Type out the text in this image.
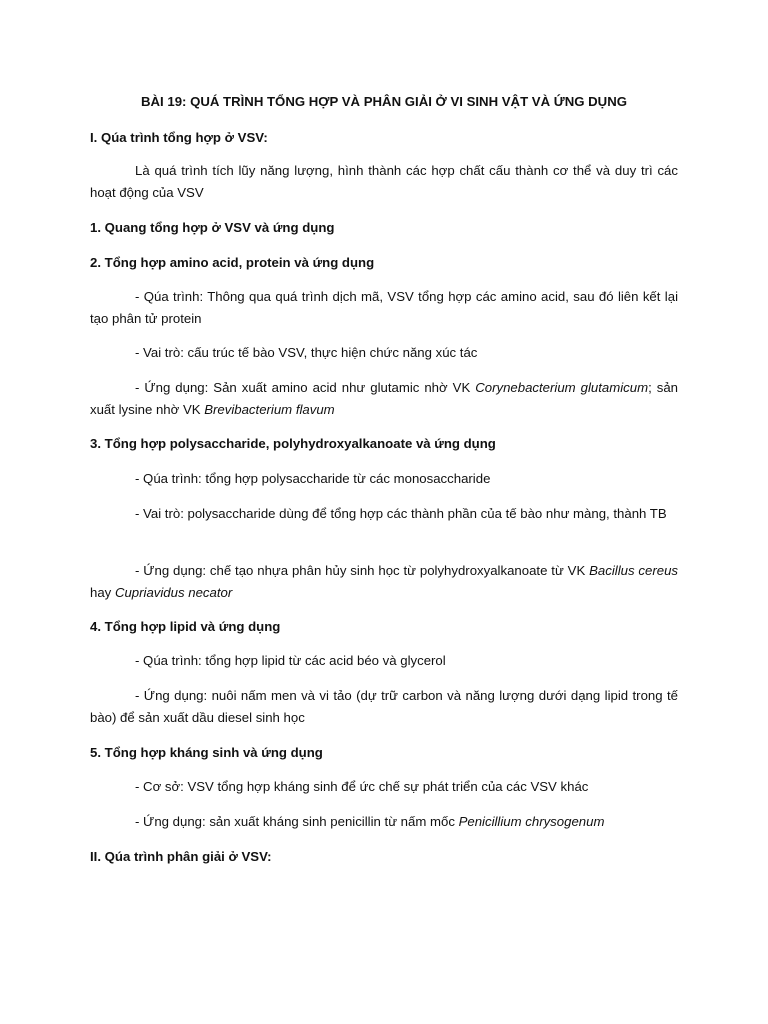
BÀI 19: QUÁ TRÌNH TỔNG HỢP VÀ PHÂN GIẢI Ở VI SINH VẬT VÀ ỨNG DỤNG
I. Qúa trình tổng hợp ở VSV:
Là quá trình tích lũy năng lượng, hình thành các hợp chất cấu thành cơ thể và duy trì các hoạt động của VSV
1. Quang tổng hợp ở VSV và ứng dụng
2. Tổng hợp amino acid, protein và ứng dụng
- Qúa trình: Thông qua quá trình dịch mã, VSV tổng hợp các amino acid, sau đó liên kết lại tạo phân tử protein
- Vai trò: cấu trúc tế bào VSV, thực hiện chức năng xúc tác
- Ứng dụng: Sản xuất amino acid như glutamic nhờ VK Corynebacterium glutamicum; sản xuất lysine nhờ VK Brevibacterium flavum
3. Tổng hợp polysaccharide, polyhydroxyalkanoate và ứng dụng
- Qúa trình: tổng hợp polysaccharide từ các monosaccharide
- Vai trò: polysaccharide dùng để tổng hợp các thành phần của tế bào như màng, thành TB
- Ứng dụng: chế tạo nhựa phân hủy sinh học từ polyhydroxyalkanoate từ VK Bacillus cereus hay Cupriavidus necator
4. Tổng hợp lipid và ứng dụng
- Qúa trình: tổng hợp lipid từ các acid béo và glycerol
- Ứng dụng: nuôi nấm men và vi tảo (dự trữ carbon và năng lượng dưới dạng lipid trong tế bào) để sản xuất dầu diesel sinh học
5. Tổng hợp kháng sinh và ứng dụng
- Cơ sở: VSV tổng hợp kháng sinh để ức chế sự phát triển của các VSV khác
- Ứng dụng: sản xuất kháng sinh penicillin từ nấm mốc Penicillium chrysogenum
II. Qúa trình phân giải ở VSV:
